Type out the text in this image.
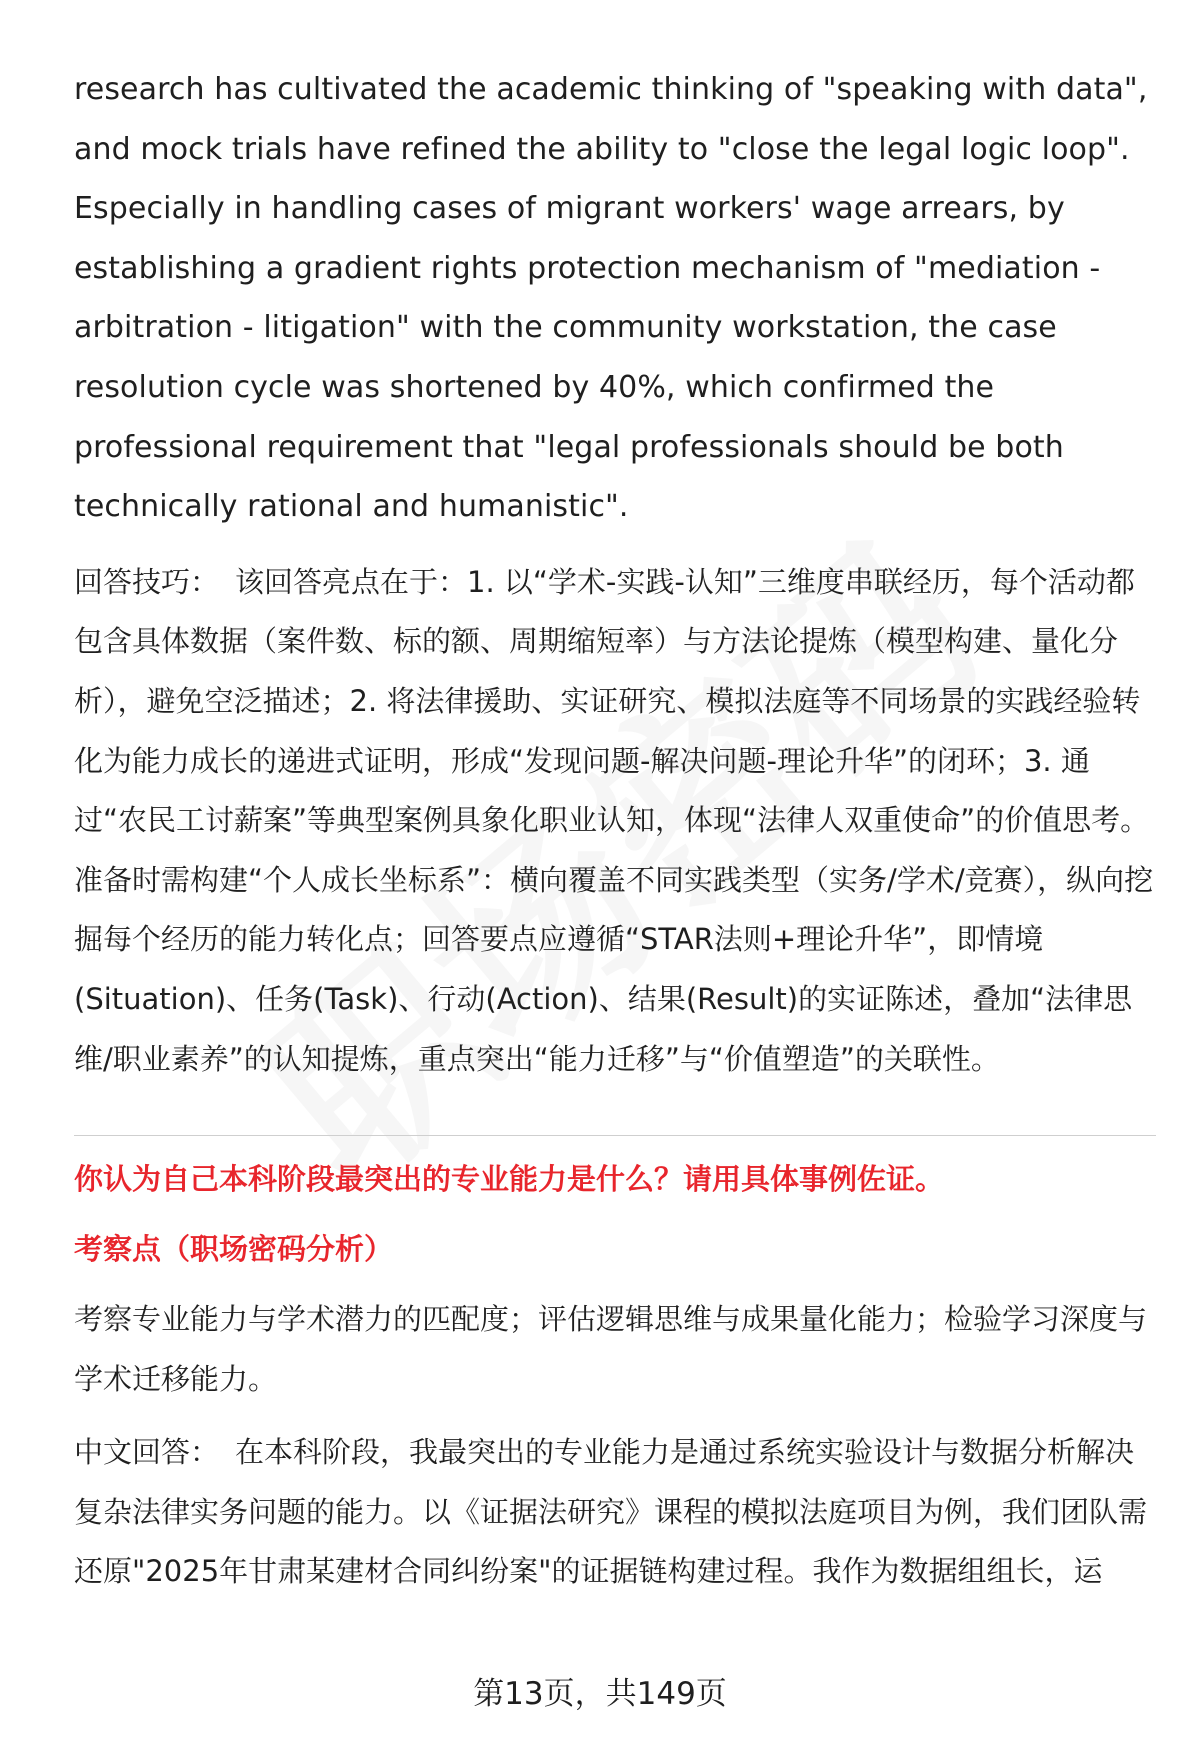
research has cultivated the academic thinking of "speaking with data", and mock trials have refined the ability to "close the legal logic loop". Especially in handling cases of migrant workers' wage arrears, by establishing a gradient rights protection mechanism of "mediation - arbitration - litigation" with the community workstation, the case resolution cycle was shortened by 40%, which confirmed the professional requirement that "legal professionals should be both technically rational and humanistic".

回答技巧： 该回答亮点在于：1. 以“学术-实践-认知”三维度串联经历，每个活动都包含具体数据（案件数、标的额、周期缩短率）与方法论提炼（模型构建、量化分析），避免空泛描述；2. 将法律援助、实证研究、模拟法庭等不同场景的实践经验转化为能力成长的递进式证明，形成“发现问题-解决问题-理论升华”的闭环；3. 通过“农民工讨薪案”等典型案例具象化职业认知，体现“法律人双重使命”的价值思考。准备时需构建“个人成长坐标系”：横向覆盖不同实践类型（实务/学术/竞赛），纵向挖掘每个经历的能力转化点；回答要点应遵循“STAR法则+理论升华”，即情境(Situation)、任务(Task)、行动(Action)、结果(Result)的实证陈述，叠加“法律思维/职业素养”的认知提炼，重点突出“能力迁移”与“价值塑造”的关联性。

你认为自己本科阶段最突出的专业能力是什么？请用具体事例佐证。

考察点（职场密码分析）

考察专业能力与学术潜力的匹配度；评估逻辑思维与成果量化能力；检验学习深度与学术迁移能力。

中文回答： 在本科阶段，我最突出的专业能力是通过系统实验设计与数据分析解决复杂法律实务问题的能力。以《证据法研究》课程的模拟法庭项目为例，我们团队需还原"2025年甘肃某建材合同纠纷案"的证据链构建过程。我作为数据组组长，运

第13页，共149页
